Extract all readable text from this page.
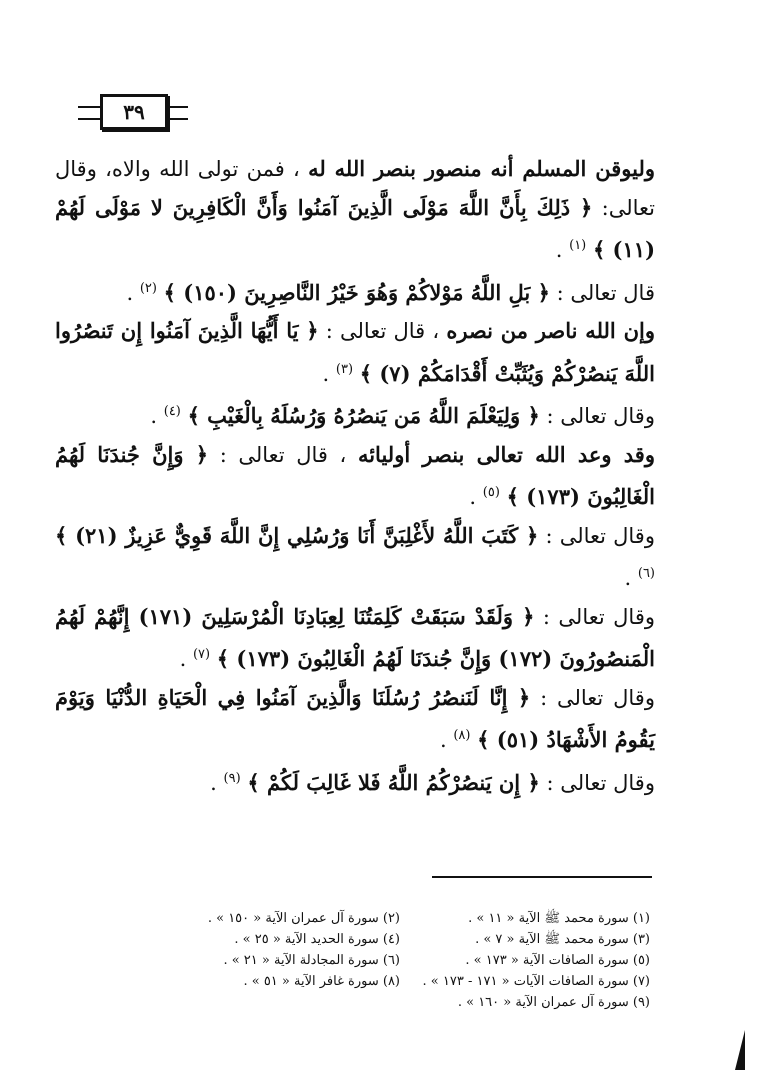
٣٩

وليوقن المسلم أنه منصور بنصر الله له ، فمن تولى الله والاه، وقال تعالى: ﴿ ذَلِكَ بِأَنَّ اللَّهَ مَوْلَى الَّذِينَ آمَنُوا وَأَنَّ الْكَافِرِينَ لا مَوْلَى لَهُمْ (١١) ﴾ $^{(١)}$ .

قال تعالى : ﴿ بَلِ اللَّهُ مَوْلاكُمْ وَهُوَ خَيْرُ النَّاصِرِينَ (١٥٠) ﴾ $^{(٢)}$ .

وإن الله ناصر من نصره ، قال تعالى : ﴿ يَا أَيُّهَا الَّذِينَ آمَنُوا إِن تَنصُرُوا اللَّهَ يَنصُرْكُمْ وَيُثَبِّتْ أَقْدَامَكُمْ (٧) ﴾ $^{(٣)}$ .

وقال تعالى : ﴿ وَلِيَعْلَمَ اللَّهُ مَن يَنصُرُهُ وَرُسُلَهُ بِالْغَيْبِ ﴾ $^{(٤)}$ .

وقد وعد الله تعالى بنصر أوليائه ، قال تعالى : ﴿ وَإِنَّ جُندَنَا لَهُمُ الْغَالِبُونَ (١٧٣) ﴾ $^{(٥)}$ .

وقال تعالى : ﴿ كَتَبَ اللَّهُ لأَغْلِبَنَّ أَنَا وَرُسُلِي إِنَّ اللَّهَ قَوِيٌّ عَزِيزٌ (٢١) ﴾ $^{(٦)}$ .

وقال تعالى : ﴿ وَلَقَدْ سَبَقَتْ كَلِمَتُنَا لِعِبَادِنَا الْمُرْسَلِينَ (١٧١) إِنَّهُمْ لَهُمُ الْمَنصُورُونَ (١٧٢) وَإِنَّ جُندَنَا لَهُمُ الْغَالِبُونَ (١٧٣) ﴾ $^{(٧)}$ .

وقال تعالى : ﴿ إِنَّا لَنَنصُرُ رُسُلَنَا وَالَّذِينَ آمَنُوا فِي الْحَيَاةِ الدُّنْيَا وَيَوْمَ يَقُومُ الأَشْهَادُ (٥١) ﴾ $^{(٨)}$ .

وقال تعالى : ﴿ إِن يَنصُرْكُمُ اللَّهُ فَلا غَالِبَ لَكُمْ ﴾ $^{(٩)}$ .

(١) سورة محمد ﷺ الآية « ١١ » .
(٢) سورة آل عمران الآية « ١٥٠ » .
(٣) سورة محمد ﷺ الآية « ٧ » .
(٤) سورة الحديد الآية « ٢٥ » .
(٥) سورة الصافات الآية « ١٧٣ » .
(٦) سورة المجادلة الآية « ٢١ » .
(٧) سورة الصافات الآيات « ١٧١ - ١٧٣ » .
(٨) سورة غافر الآية « ٥١ » .
(٩) سورة آل عمران الآية « ١٦٠ » .
